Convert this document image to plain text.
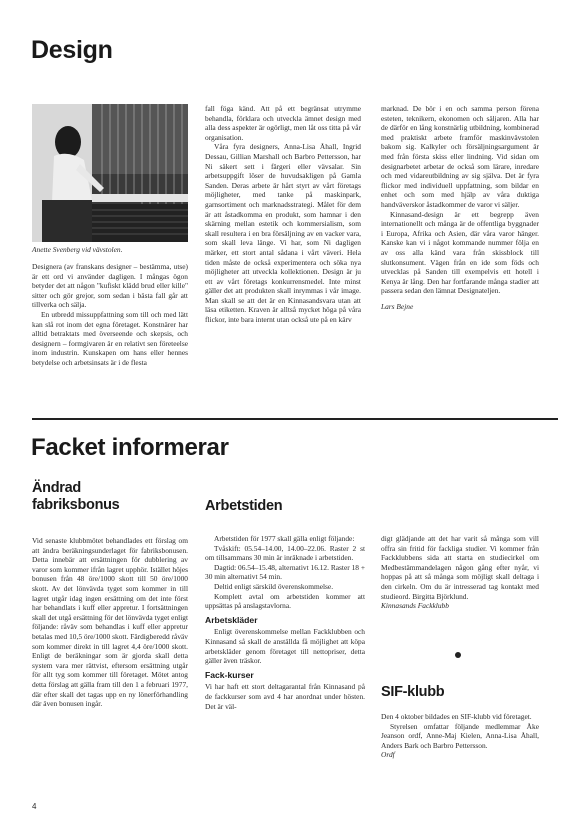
Design
Anette Svenberg vid vävstolen.

Designera (av franskans designer – bestämma, utse) är ett ord vi använder dagligen. I mångas ögon betyder det att någon "kufiskt klädd brud eller kille" sitter och gör grejor, som sedan i bästa fall går att tillverka och sälja.

En utbredd missuppfattning som till och med lätt kan slå rot inom det egna företaget. Konstnärer har alltid betraktats med överseende och skepsis, och designern – formgivaren är en relativt sen företeelse inom industrin. Kunskapen om hans eller hennes betydelse och arbetsinsats är i de flesta

fall föga känd. Att på ett begränsat utrymme behandla, förklara och utveckla ämnet design med alla dess aspekter är ogörligt, men låt oss titta på vår organisation.

Våra fyra designers, Anna-Lisa Åhall, Ingrid Dessau, Gillian Marshall och Barbro Pettersson, har Ni säkert sett i färgeri eller vävsalar. Sin arbetsuppgift löser de huvudsakligen på Gamla Sanden. Deras arbete är hårt styrt av vårt företags möjligheter, med tanke på maskinpark, garnsortiment och marknadsstrategi. Målet för dem är att åstadkomma en produkt, som hamnar i den skärning mellan estetik och kommersialism, som skall resultera i en bra försäljning av en vacker vara, som skall leva länge. Vi har, som Ni dagligen märker, ett stort antal sådana i vårt väveri. Hela tiden måste de också experimentera och söka nya möjligheter att utveckla kollektionen. Design är ju ett av vårt företags konkurrensmedel. Inte minst gäller det att produkten skall inrymmas i vår image. Man skall se att det är en Kinnasandsvara utan att läsa etiketten. Kraven är alltså mycket höga på våra flickor, inte bara internt utan också ute på en kärv

marknad. De bör i en och samma person förena esteten, teknikern, ekonomen och säljaren. Alla har de därför en lång konstnärlig utbildning, kombinerad med praktiskt arbete framför maskinvävstolen bakom sig. Kalkyler och försäljningsargument är med från första skiss eller lindning. Vid sidan om designarbetet arbetar de också som lärare, inredare och med vidareutbildning av sig själva. Det är fyra flickor med individuell uppfattning, som bildar en enhet och som med hjälp av våra duktiga handväverskor åstadkommer de varor vi säljer.

Kinnasand-design är ett begrepp även internationellt och många är de offentliga byggnader i Europa, Afrika och Asien, där våra varor hänger. Kanske kan vi i något kommande nummer följa en av oss alla känd vara från skissblock till slutkonsument. Vägen från en ide som föds och utvecklas på Sanden till exempelvis ett hotell i Kenya är lång. Den har fortfarande många stadier att passera sedan den lämnat Designateljen.

Lars Bejne

Facket informerar
Ändrad fabriksbonus

Vid senaste klubbmötet behandlades ett förslag om att ändra beräkningsunderlaget för fabriksbonusen. Detta innebär att ersättningen för dubblering av varor som kommer ifrån lagret upphör. Istället höjes bonusen från 48 öre/1000 skott till 50 öre/1000 skott. Av det lönvävda tyget som kommer in till lagret utgår idag ingen ersättning om det inte först har behandlats i kuff eller appretur. I fortsättningen skall det utgå ersättning för det lönvävda tyget enligt följande: råväv som behandlas i kuff eller appretur betalas med 10,5 öre/1000 skott. Färdigberedd råväv som kommer direkt in till lagret 4,4 öre/1000 skott. Enligt de beräkningar som är gjorda skall detta system vara mer rättvist, eftersom ersättning utgår för allt tyg som kommer till företaget. Mötet antog detta förslag att gälla fram till den 1 a februari 1977, där efter skall det tagas upp en ny lönerförhandling där även bonusen ingår.

Arbetstiden

Arbetstiden för 1977 skall gälla enligt följande:

Tvåskift: 05.54–14.00, 14.00–22.06. Raster 2 st om tillsammans 30 min är inräknade i arbetstiden.

Dagtid: 06.54–15.48, alternativt 16.12. Raster 18 + 30 min alternativt 54 min.

Deltid enligt särskild överenskommelse.

Komplett avtal om arbetstiden kommer att uppsättas på anslagstavlorna.

Arbetskläder

Enligt överenskommelse mellan Fackklubben och Kinnasand så skall de anställda få möjlighet att köpa arbetskläder genom företaget till nettopriser, detta gäller även träskor.

Fack-kurser

Vi har haft ett stort deltagarantal från Kinnasand på de fackkurser som avd 4 har anordnat under hösten. Det är väl-

digt glädjande att det har varit så många som vill offra sin fritid för fackliga studier. Vi kommer från Fackklubbens sida att starta en studiecirkel om Medbestämmandelagen någon gång efter nyår, vi hoppas på att så många som möjligt skall deltaga i den cirkeln. Om du är intresserad tag kontakt med studieord. Birgitta Björklund.

Kinnasands Fackklubb

SIF-klubb

Den 4 oktober bildades en SIF-klubb vid företaget.

Styrelsen omfattar följande medlemmar Åke Jeanson ordf, Anne-Maj Kielen, Anna-Lisa Åhall, Anders Bark och Barbro Pettersson.

Ordf

4
